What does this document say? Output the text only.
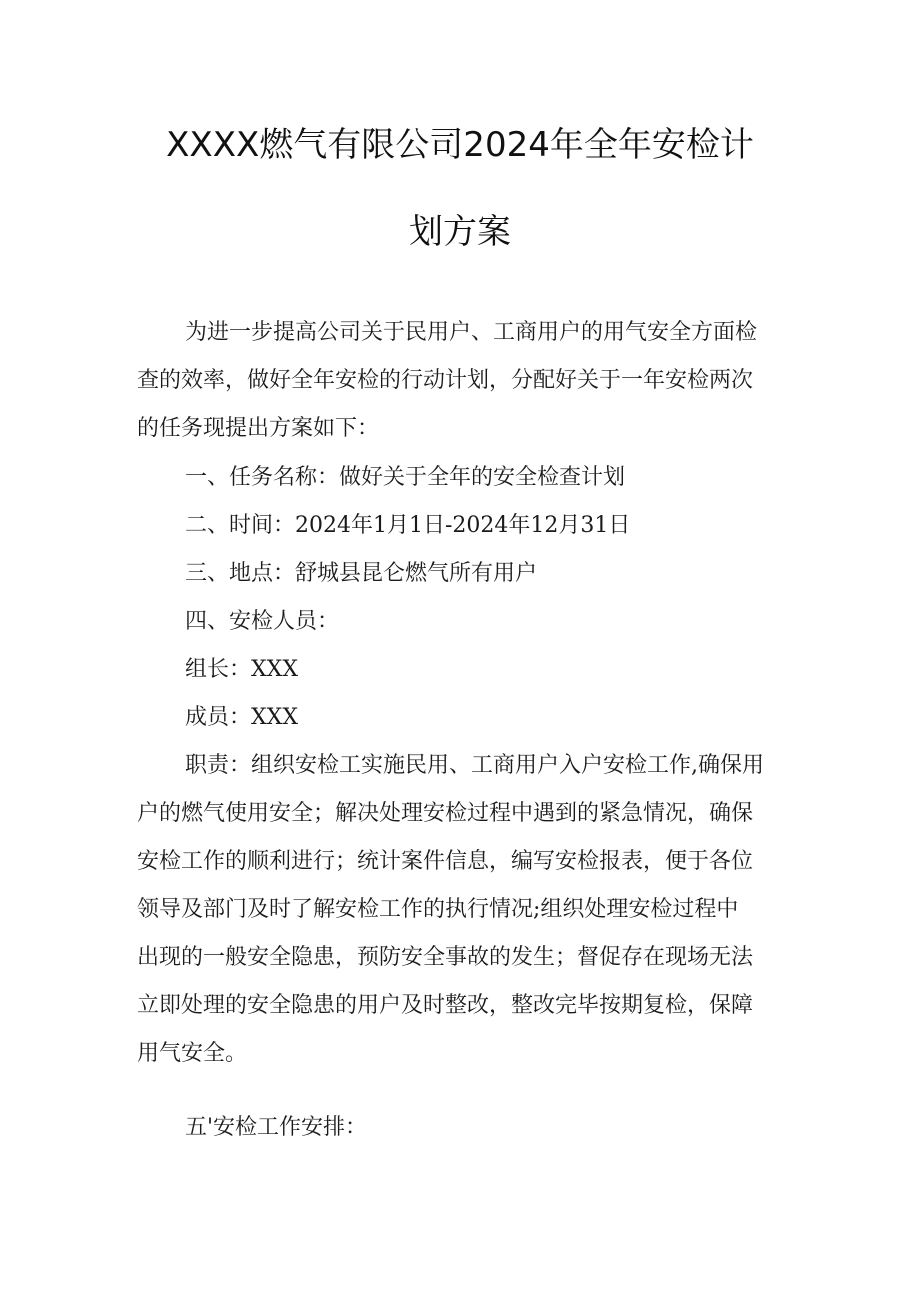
XXXX燃气有限公司2024年全年安检计
划方案
为进一步提高公司关于民用户、工商用户的用气安全方面检
查的效率，做好全年安检的行动计划，分配好关于一年安检两次
的任务现提出方案如下：
一、任务名称：做好关于全年的安全检查计划
二、时间：2024年1月1日-2024年12月31日
三、地点：舒城县昆仑燃气所有用户
四、安检人员：
组长：XXX
成员：XXX
职责：组织安检工实施民用、工商用户入户安检工作,确保用
户的燃气使用安全；解决处理安检过程中遇到的紧急情况，确保
安检工作的顺利进行；统计案件信息，编写安检报表，便于各位
领导及部门及时了解安检工作的执行情况;组织处理安检过程中
出现的一般安全隐患，预防安全事故的发生；督促存在现场无法
立即处理的安全隐患的用户及时整改，整改完毕按期复检，保障
用气安全。
五'安检工作安排：
